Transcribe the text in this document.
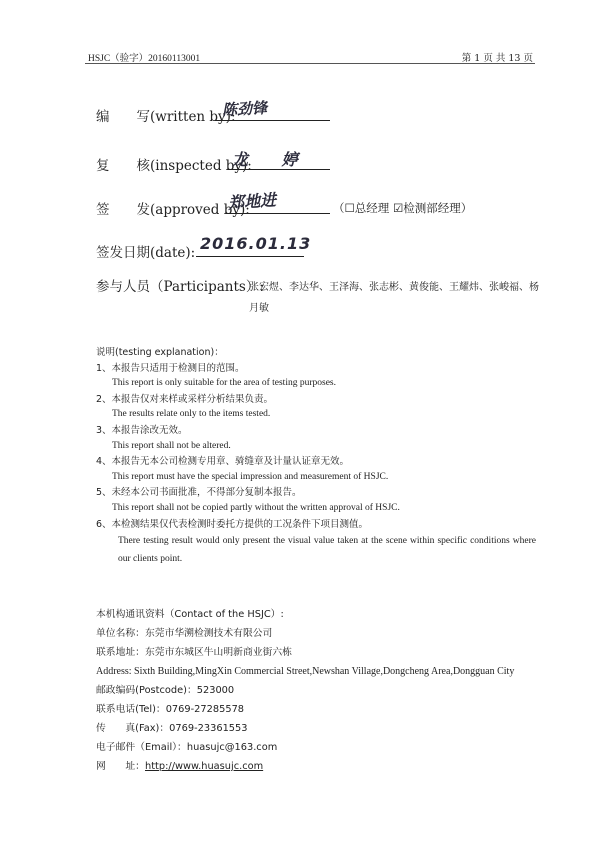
HSJC（验字）20160113001	第 1 页 共 13 页
编　　写(written by):
陈劲锋
复　　核(inspected by):
龙 婷
签　　发(approved by):
郑地进	（☐总经理 ☑检测部经理）
签发日期(date): 2016.01.13
参与人员（Participants）:
张宏煜、李达华、王泽海、张志彬、黄俊能、王耀炜、张峻福、杨月敏
说明(testing explanation)：
1、本报告只适用于检测目的范围。
This report is only suitable for the area of testing purposes.
2、本报告仅对来样或采样分析结果负责。
The results relate only to the items tested.
3、本报告涂改无效。
This report shall not be altered.
4、本报告无本公司检测专用章、骑缝章及计量认证章无效。
This report must have the special impression and measurement of HSJC.
5、未经本公司书面批准，不得部分复制本报告。
This report shall not be copied partly without the written approval of HSJC.
6、本检测结果仅代表检测时委托方提供的工况条件下项目测值。
There testing result would only present the visual value taken at the scene within specific conditions where our clients point.
本机构通讯资料（Contact of the HSJC）:
单位名称：东莞市华溯检测技术有限公司
联系地址：东莞市东城区牛山明新商业街六栋
Address: Sixth Building,MingXin Commercial Street,Newshan Village,Dongcheng Area,Dongguan City
邮政编码(Postcode)：523000
联系电话(Tel)：0769-27285578
传　　真(Fax)：0769-23361553
电子邮件（Email）：huasujc@163.com
网　　址：http://www.huasujc.com
